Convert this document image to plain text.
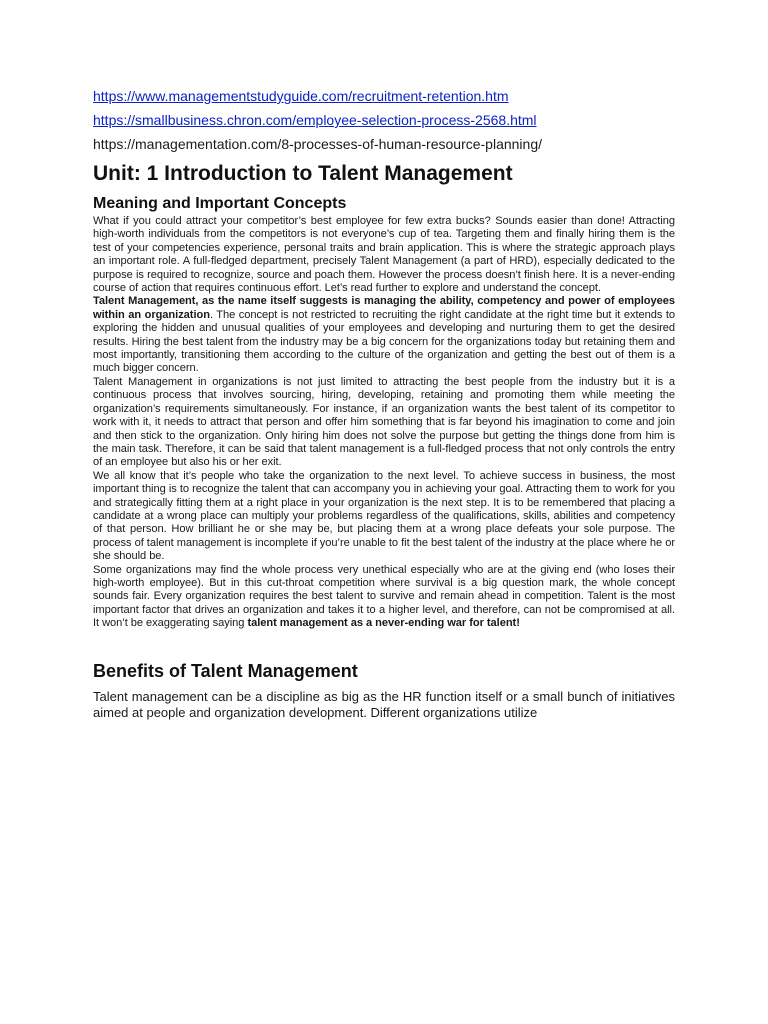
https://www.managementstudyguide.com/recruitment-retention.htm
https://smallbusiness.chron.com/employee-selection-process-2568.html
https://managementation.com/8-processes-of-human-resource-planning/
Unit: 1 Introduction to Talent Management
Meaning and Important Concepts

What if you could attract your competitor’s best employee for few extra bucks? Sounds easier than done! Attracting high-worth individuals from the competitors is not everyone’s cup of tea. Targeting them and finally hiring them is the test of your competencies experience, personal traits and brain application. This is where the strategic approach plays an important role. A full-fledged department, precisely Talent Management (a part of HRD), especially dedicated to the purpose is required to recognize, source and poach them. However the process doesn’t finish here. It is a never-ending course of action that requires continuous effort. Let’s read further to explore and understand the concept.

Talent Management, as the name itself suggests is managing the ability, competency and power of employees within an organization. The concept is not restricted to recruiting the right candidate at the right time but it extends to exploring the hidden and unusual qualities of your employees and developing and nurturing them to get the desired results. Hiring the best talent from the industry may be a big concern for the organizations today but retaining them and most importantly, transitioning them according to the culture of the organization and getting the best out of them is a much bigger concern.

Talent Management in organizations is not just limited to attracting the best people from the industry but it is a continuous process that involves sourcing, hiring, developing, retaining and promoting them while meeting the organization’s requirements simultaneously. For instance, if an organization wants the best talent of its competitor to work with it, it needs to attract that person and offer him something that is far beyond his imagination to come and join and then stick to the organization. Only hiring him does not solve the purpose but getting the things done from him is the main task. Therefore, it can be said that talent management is a full-fledged process that not only controls the entry of an employee but also his or her exit.

We all know that it’s people who take the organization to the next level. To achieve success in business, the most important thing is to recognize the talent that can accompany you in achieving your goal. Attracting them to work for you and strategically fitting them at a right place in your organization is the next step. It is to be remembered that placing a candidate at a wrong place can multiply your problems regardless of the qualifications, skills, abilities and competency of that person. How brilliant he or she may be, but placing them at a wrong place defeats your sole purpose. The process of talent management is incomplete if you’re unable to fit the best talent of the industry at the place where he or she should be.

Some organizations may find the whole process very unethical especially who are at the giving end (who loses their high-worth employee). But in this cut-throat competition where survival is a big question mark, the whole concept sounds fair. Every organization requires the best talent to survive and remain ahead in competition. Talent is the most important factor that drives an organization and takes it to a higher level, and therefore, can not be compromised at all. It won’t be exaggerating saying talent management as a never-ending war for talent!

Benefits of Talent Management

Talent management can be a discipline as big as the HR function itself or a small bunch of initiatives aimed at people and organization development. Different organizations utilize
